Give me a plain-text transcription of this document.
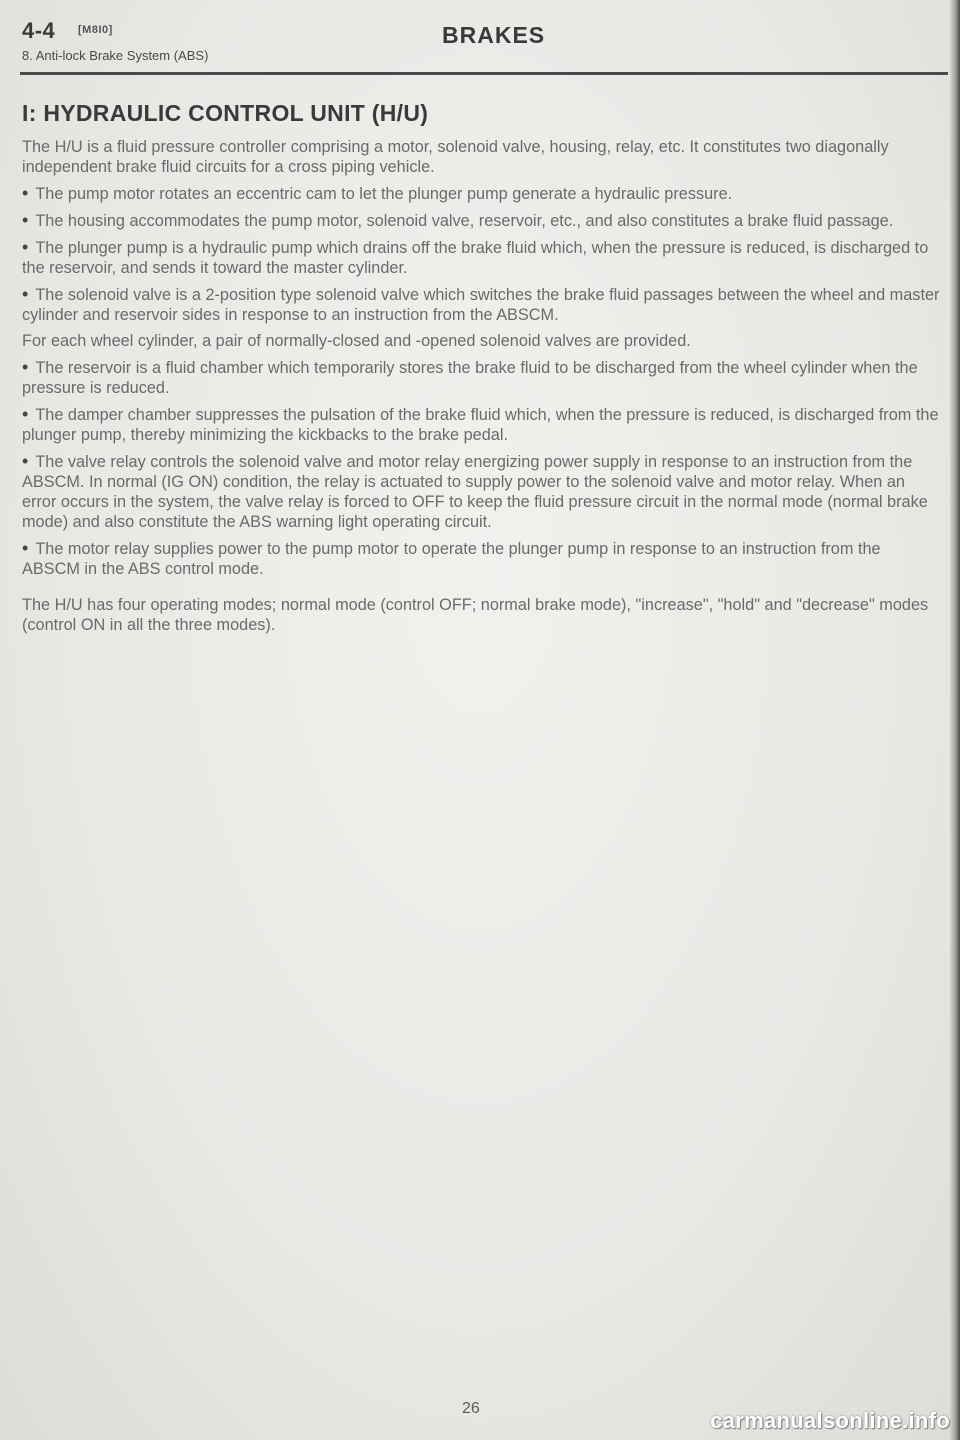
4-4 [M8I0]	BRAKES
8. Anti-lock Brake System (ABS)
I: HYDRAULIC CONTROL UNIT (H/U)

The H/U is a fluid pressure controller comprising a motor, solenoid valve, housing, relay, etc. It constitutes two diagonally independent brake fluid circuits for a cross piping vehicle.

• The pump motor rotates an eccentric cam to let the plunger pump generate a hydraulic pressure.

• The housing accommodates the pump motor, solenoid valve, reservoir, etc., and also constitutes a brake fluid passage.

• The plunger pump is a hydraulic pump which drains off the brake fluid which, when the pressure is reduced, is discharged to the reservoir, and sends it toward the master cylinder.

• The solenoid valve is a 2-position type solenoid valve which switches the brake fluid passages between the wheel and master cylinder and reservoir sides in response to an instruction from the ABSCM.

For each wheel cylinder, a pair of normally-closed and -opened solenoid valves are provided.

• The reservoir is a fluid chamber which temporarily stores the brake fluid to be discharged from the wheel cylinder when the pressure is reduced.

• The damper chamber suppresses the pulsation of the brake fluid which, when the pressure is reduced, is discharged from the plunger pump, thereby minimizing the kickbacks to the brake pedal.

• The valve relay controls the solenoid valve and motor relay energizing power supply in response to an instruction from the ABSCM. In normal (IG ON) condition, the relay is actuated to supply power to the solenoid valve and motor relay. When an error occurs in the system, the valve relay is forced to OFF to keep the fluid pressure circuit in the normal mode (normal brake mode) and also constitute the ABS warning light operating circuit.

• The motor relay supplies power to the pump motor to operate the plunger pump in response to an instruction from the ABSCM in the ABS control mode.

The H/U has four operating modes; normal mode (control OFF; normal brake mode), "increase", "hold" and "decrease" modes (control ON in all the three modes).

26	carmanualsonline.info
